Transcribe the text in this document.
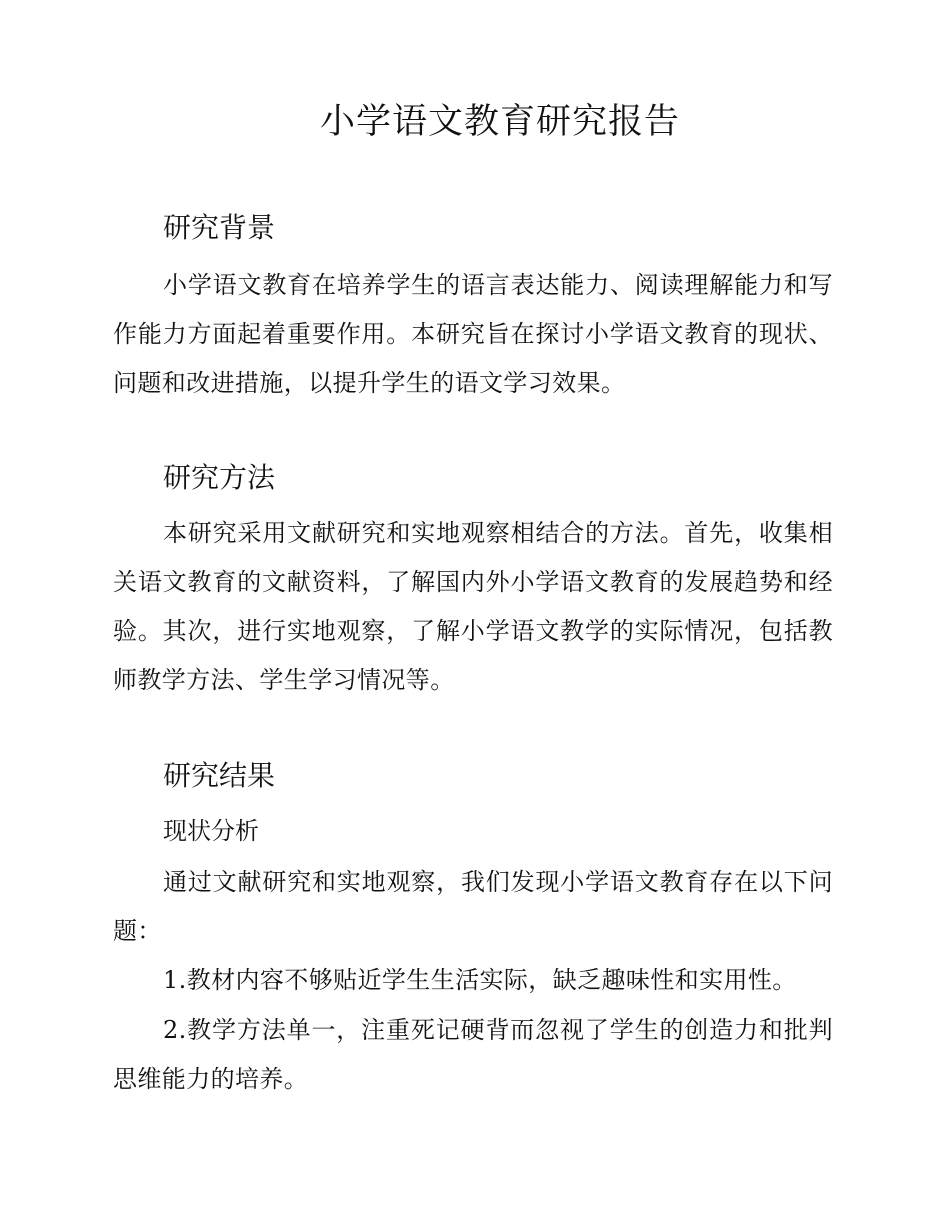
小学语文教育研究报告
研究背景

小学语文教育在培养学生的语言表达能力、阅读理解能力和写作能力方面起着重要作用。本研究旨在探讨小学语文教育的现状、问题和改进措施，以提升学生的语文学习效果。

研究方法

本研究采用文献研究和实地观察相结合的方法。首先，收集相关语文教育的文献资料，了解国内外小学语文教育的发展趋势和经验。其次，进行实地观察，了解小学语文教学的实际情况，包括教师教学方法、学生学习情况等。

研究结果
现状分析

通过文献研究和实地观察，我们发现小学语文教育存在以下问题：

1.教材内容不够贴近学生生活实际，缺乏趣味性和实用性。

2.教学方法单一，注重死记硬背而忽视了学生的创造力和批判思维能力的培养。
